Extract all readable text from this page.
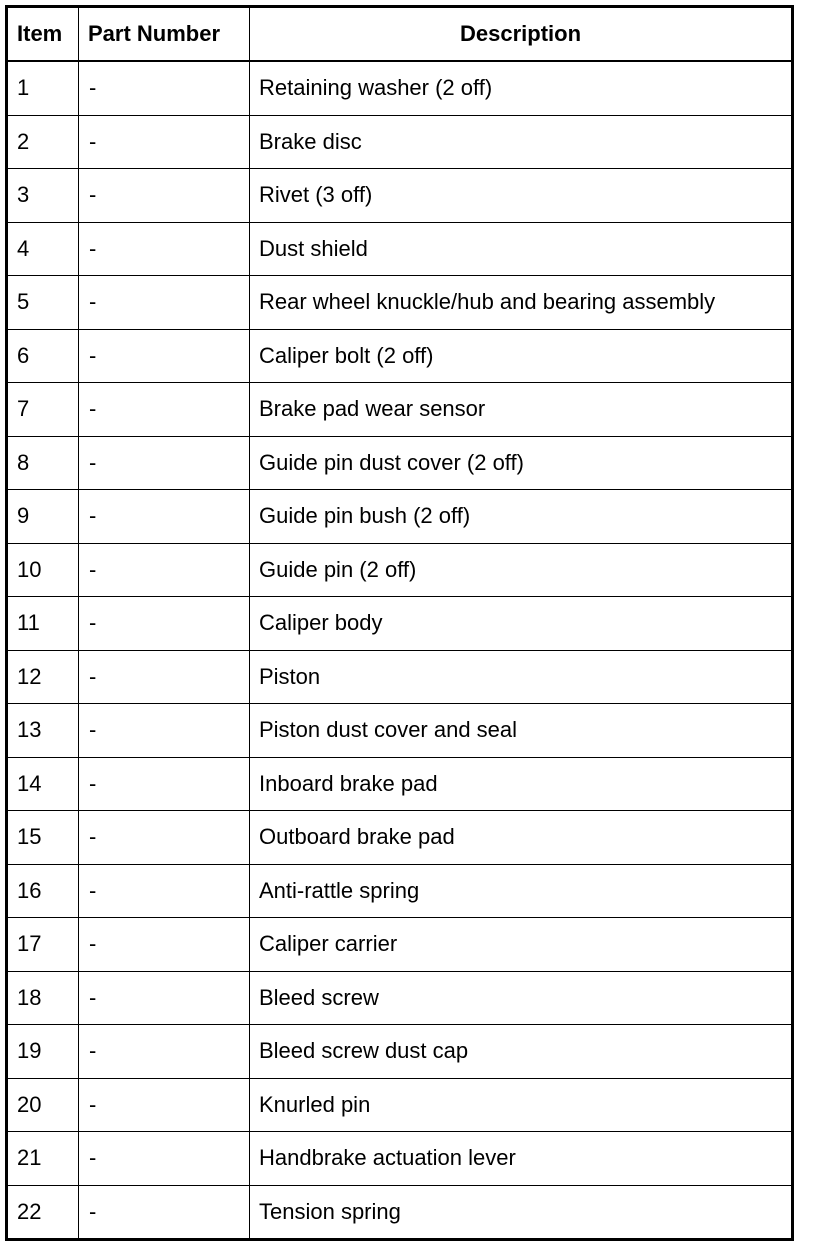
Item	Part Number	Description
1	-	Retaining washer (2 off)
2	-	Brake disc
3	-	Rivet (3 off)
4	-	Dust shield
5	-	Rear wheel knuckle/hub and bearing assembly
6	-	Caliper bolt (2 off)
7	-	Brake pad wear sensor
8	-	Guide pin dust cover (2 off)
9	-	Guide pin bush (2 off)
10	-	Guide pin (2 off)
11	-	Caliper body
12	-	Piston
13	-	Piston dust cover and seal
14	-	Inboard brake pad
15	-	Outboard brake pad
16	-	Anti-rattle spring
17	-	Caliper carrier
18	-	Bleed screw
19	-	Bleed screw dust cap
20	-	Knurled pin
21	-	Handbrake actuation lever
22	-	Tension spring
